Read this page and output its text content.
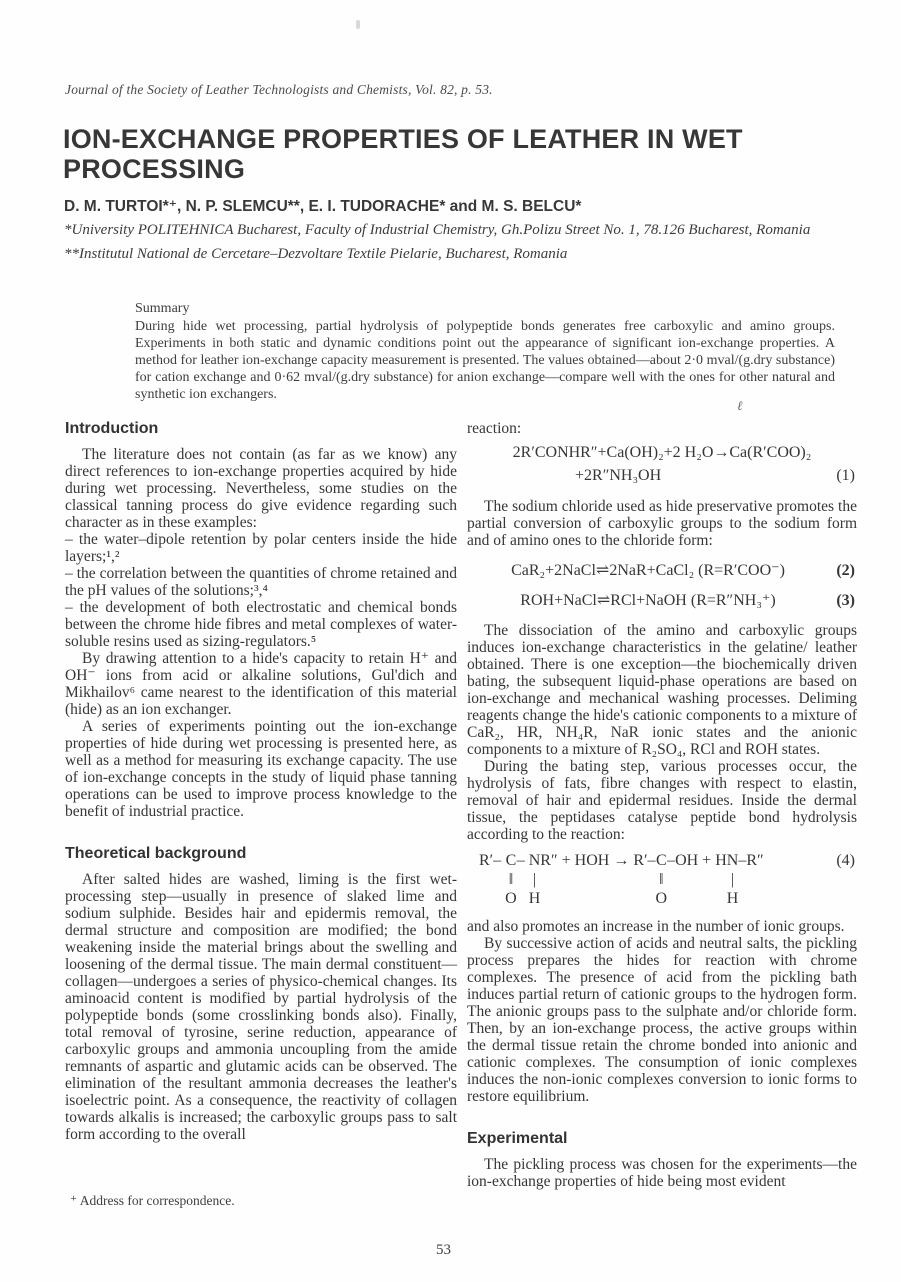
Journal of the Society of Leather Technologists and Chemists, Vol. 82, p. 53.
ION-EXCHANGE PROPERTIES OF LEATHER IN WET PROCESSING
D. M. TURTOI*⁺, N. P. SLEMCU**, E. I. TUDORACHE* and M. S. BELCU*
*University POLITEHNICA Bucharest, Faculty of Industrial Chemistry, Gh.Polizu Street No. 1, 78.126 Bucharest, Romania
**Institutul National de Cercetare–Dezvoltare Textile Pielarie, Bucharest, Romania
Summary
During hide wet processing, partial hydrolysis of polypeptide bonds generates free carboxylic and amino groups. Experiments in both static and dynamic conditions point out the appearance of significant ion-exchange properties. A method for leather ion-exchange capacity measurement is presented. The values obtained—about 2·0 mval/(g.dry substance) for cation exchange and 0·62 mval/(g.dry substance) for anion exchange—compare well with the ones for other natural and synthetic ion exchangers.
ℓ
Introduction

The literature does not contain (as far as we know) any direct references to ion-exchange properties acquired by hide during wet processing. Nevertheless, some studies on the classical tanning process do give evidence regarding such character as in these examples:

– the water–dipole retention by polar centers inside the hide layers;¹,²

– the correlation between the quantities of chrome retained and the pH values of the solutions;³,⁴

– the development of both electrostatic and chemical bonds between the chrome hide fibres and metal complexes of water-soluble resins used as sizing-regulators.⁵

By drawing attention to a hide's capacity to retain H⁺ and OH⁻ ions from acid or alkaline solutions, Gul'dich and Mikhailov⁶ came nearest to the identification of this material (hide) as an ion exchanger.

A series of experiments pointing out the ion-exchange properties of hide during wet processing is presented here, as well as a method for measuring its exchange capacity. The use of ion-exchange concepts in the study of liquid phase tanning operations can be used to improve process knowledge to the benefit of industrial practice.

Theoretical background

After salted hides are washed, liming is the first wet-processing step—usually in presence of slaked lime and sodium sulphide. Besides hair and epidermis removal, the dermal structure and composition are modified; the bond weakening inside the material brings about the swelling and loosening of the dermal tissue. The main dermal constituent—collagen—undergoes a series of physico-chemical changes. Its aminoacid content is modified by partial hydrolysis of the polypeptide bonds (some crosslinking bonds also). Finally, total removal of tyrosine, serine reduction, appearance of carboxylic groups and ammonia uncoupling from the amide remnants of aspartic and glutamic acids can be observed. The elimination of the resultant ammonia decreases the leather's isoelectric point. As a consequence, the reactivity of collagen towards alkalis is increased; the carboxylic groups pass to salt form according to the overall

reaction:

2R′CONHR″+Ca(OH)₂+2 H₂O→Ca(R′COO)₂
+2R″NH₃OH	(1)

The sodium chloride used as hide preservative promotes the partial conversion of carboxylic groups to the sodium form and of amino ones to the chloride form:

CaR₂+2NaCl⇌2NaR+CaCl₂ (R=R′COO⁻)	(2)
ROH+NaCl⇌RCl+NaOH (R=R″NH₃⁺)	(3)

The dissociation of the amino and carboxylic groups induces ion-exchange characteristics in the gelatine/ leather obtained. There is one exception—the biochemically driven bating, the subsequent liquid-phase operations are based on ion-exchange and mechanical washing processes. Deliming reagents change the hide's cationic components to a mixture of CaR₂, HR, NH₄R, NaR ionic states and the anionic components to a mixture of R₂SO₄, RCl and ROH states.

During the bating step, various processes occur, the hydrolysis of fats, fibre changes with respect to elastin, removal of hair and epidermal residues. Inside the dermal tissue, the peptidases catalyse peptide bond hydrolysis according to the reaction:

R′–

C
‖
O
–

N
|
H
R″ + HOH → R′–

C
‖
O
–OH + H

N
|
H
–R″

	(4)

and also promotes an increase in the number of ionic groups.

By successive action of acids and neutral salts, the pickling process prepares the hides for reaction with chrome complexes. The presence of acid from the pickling bath induces partial return of cationic groups to the hydrogen form. The anionic groups pass to the sulphate and/or chloride form. Then, by an ion-exchange process, the active groups within the dermal tissue retain the chrome bonded into anionic and cationic complexes. The consumption of ionic complexes induces the non-ionic complexes conversion to ionic forms to restore equilibrium.

Experimental

The pickling process was chosen for the experiments—the ion-exchange properties of hide being most evident

⁺ Address for correspondence.
53
